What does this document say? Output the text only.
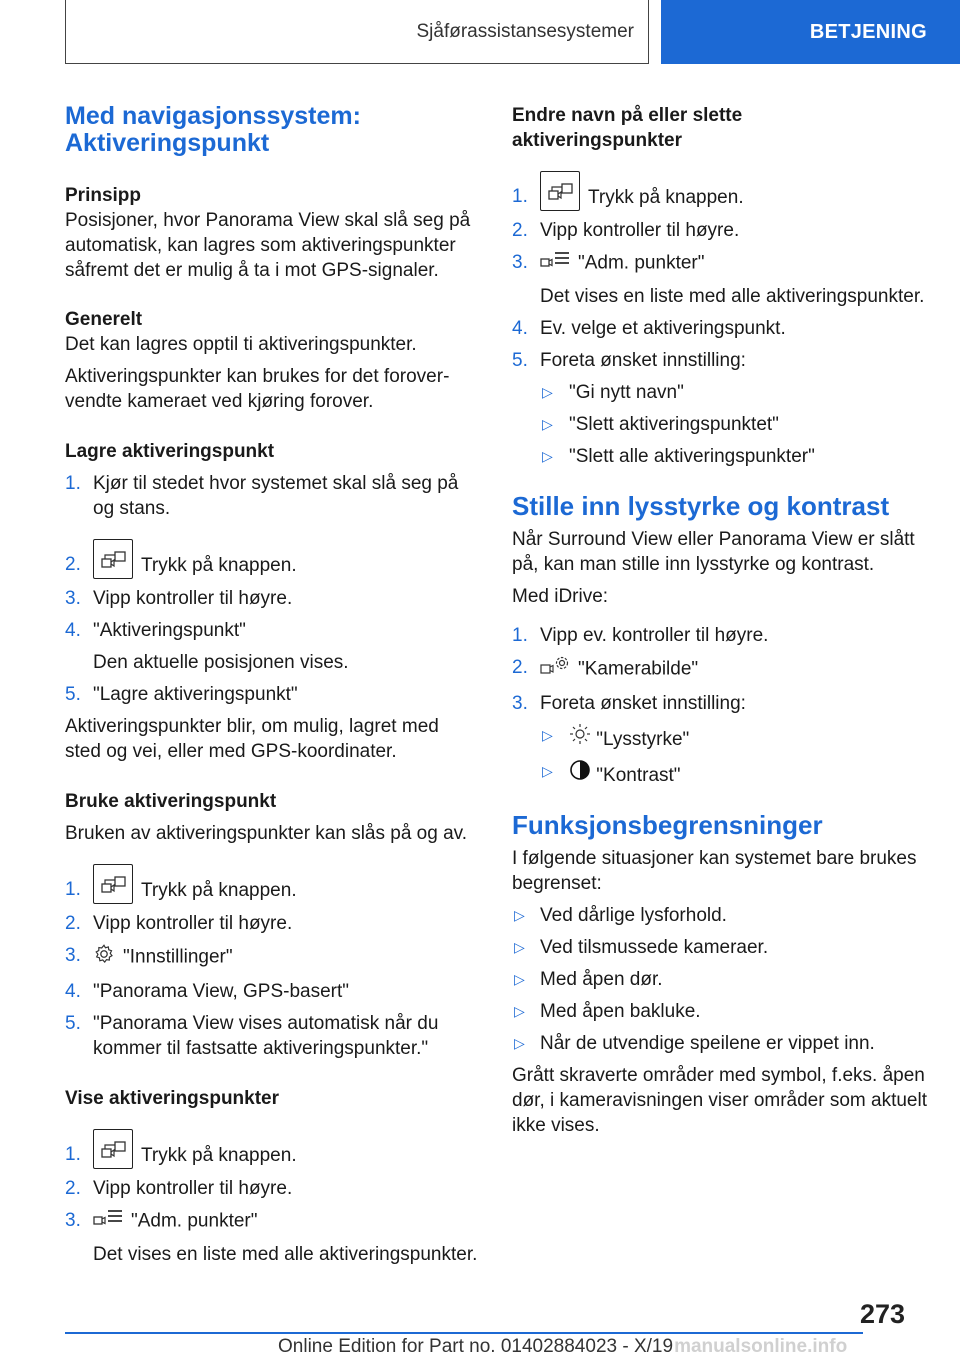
Sjåførassistansesystemer	BETJENING
Med navigasjonssystem: Aktiveringspunkt
Prinsipp

Posisjoner, hvor Panorama View skal slå seg på automatisk, kan lagres som aktiveringspunkter såfremt det er mulig å ta i mot GPS-signaler.

Generelt

Det kan lagres opptil ti aktiveringspunkter.

Aktiveringspunkter kan brukes for det forover-vendte kameraet ved kjøring forover.

Lagre aktiveringspunkt
1. Kjør til stedet hvor systemet skal slå seg på og stans.
2.	Trykk på knappen.
3. Vipp kontroller til høyre.
4. "Aktiveringspunkt"
Den aktuelle posisjonen vises.
5. "Lagre aktiveringspunkt"

Aktiveringspunkter blir, om mulig, lagret med sted og vei, eller med GPS-koordinater.

Bruke aktiveringspunkt

Bruken av aktiveringspunkter kan slås på og av.

1.	Trykk på knappen.
2. Vipp kontroller til høyre.
3. "Innstillinger"
4. "Panorama View, GPS-basert"
5. "Panorama View vises automatisk når du kommer til fastsatte aktiveringspunkter."
Vise aktiveringspunkter
1.	Trykk på knappen.
2. Vipp kontroller til høyre.
3.	"Adm. punkter"
Det vises en liste med alle aktiveringspunkter.
Endre navn på eller slette aktiveringspunkter
1.	Trykk på knappen.
2. Vipp kontroller til høyre.
3.	"Adm. punkter"
Det vises en liste med alle aktiveringspunkter.
4. Ev. velge et aktiveringspunkt.
5. Foreta ønsket innstilling:
▷ "Gi nytt navn"
▷ "Slett aktiveringspunktet"
▷ "Slett alle aktiveringspunkter"
Stille inn lysstyrke og kontrast

Når Surround View eller Panorama View er slått på, kan man stille inn lysstyrke og kontrast.

Med iDrive:

1. Vipp ev. kontroller til høyre.
2.	"Kamerabilde"
3. Foreta ønsket innstilling:
▷ "Lysstyrke"
▷ "Kontrast"
Funksjonsbegrensninger

I følgende situasjoner kan systemet bare brukes begrenset:

▷ Ved dårlige lysforhold.
▷ Ved tilsmussede kameraer.
▷ Med åpen dør.
▷ Med åpen bakluke.
▷ Når de utvendige speilene er vippet inn.

Grått skraverte områder med symbol, f.eks. åpen dør, i kameravisningen viser områder som aktuelt ikke vises.

273
Online Edition for Part no. 01402884023 - X/19manualsonline.info
